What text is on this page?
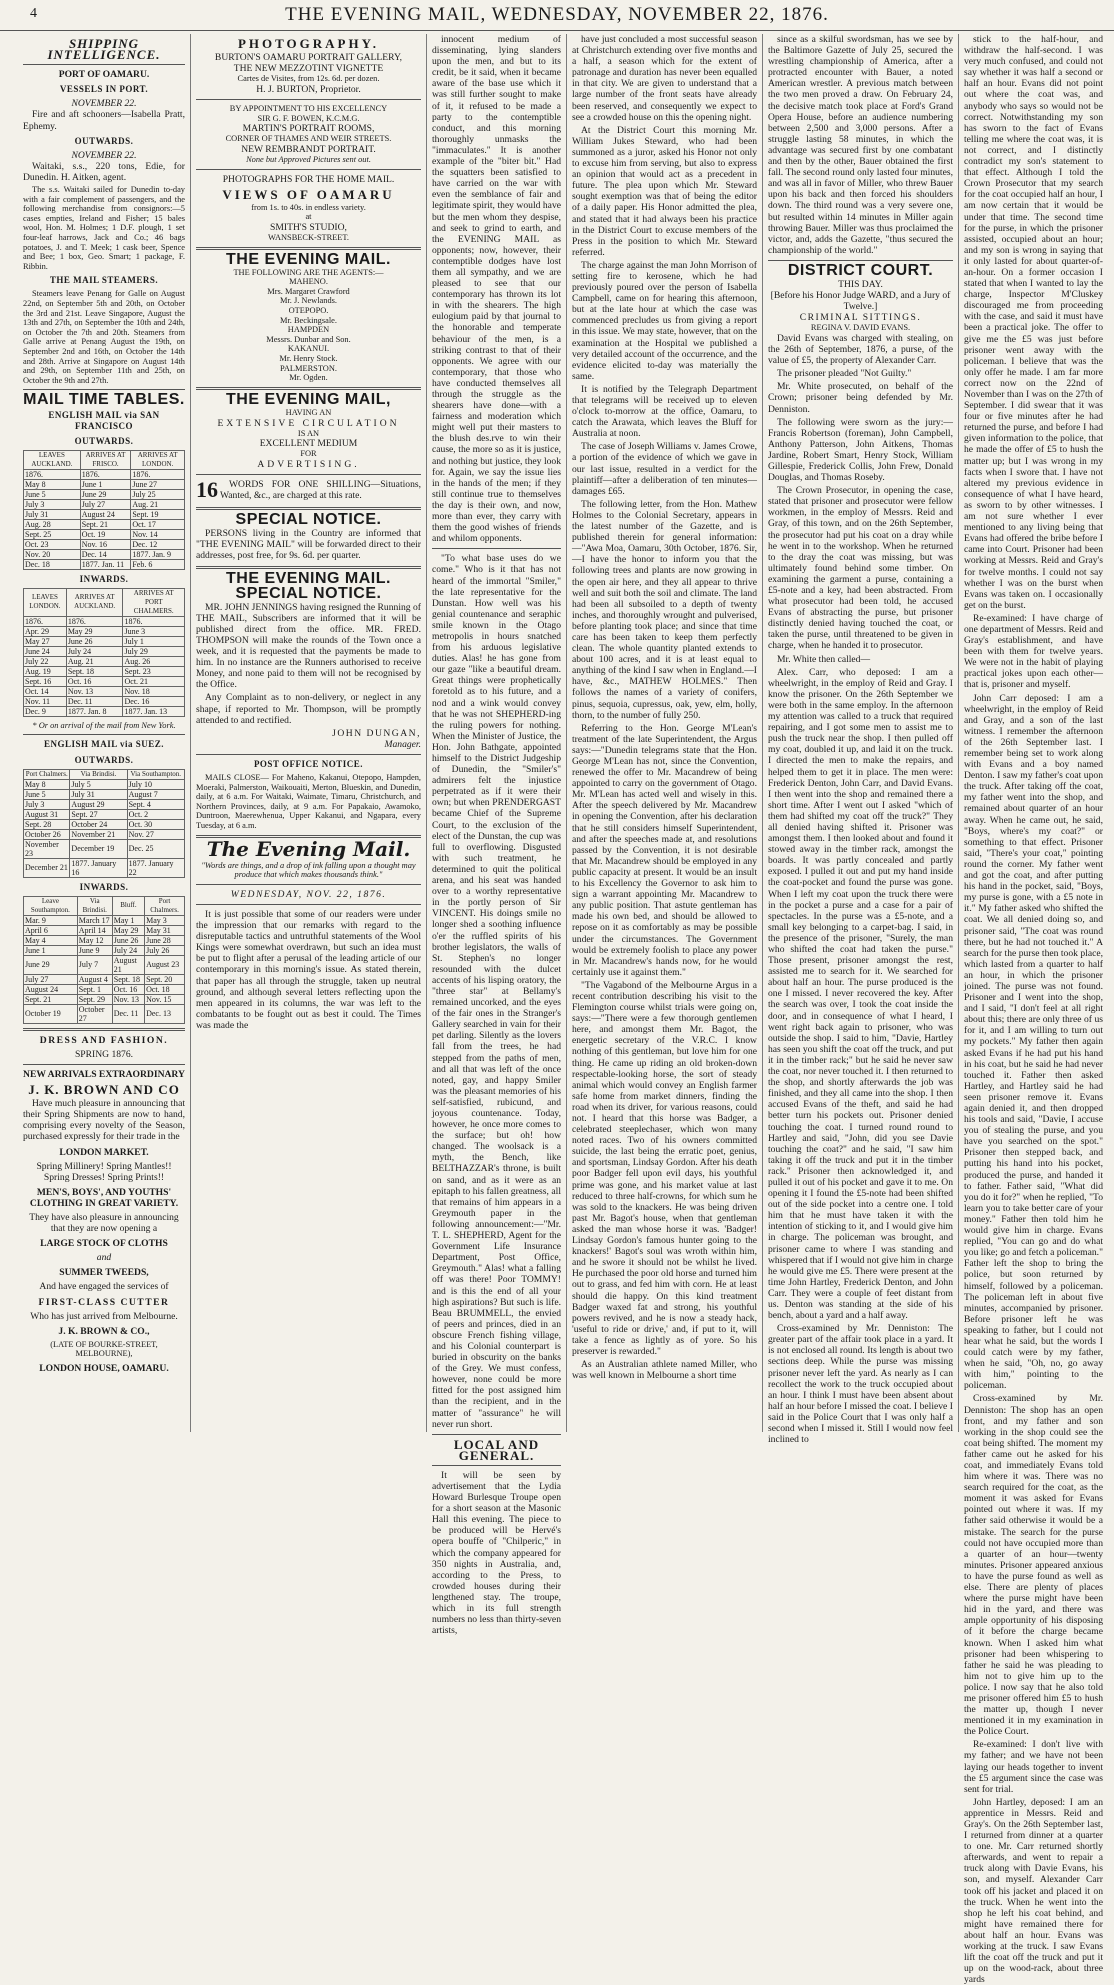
4	THE EVENING MAIL, WEDNESDAY, NOVEMBER 22, 1876.
SHIPPING INTELLIGENCE.
PORT OF OAMARU.
VESSELS IN PORT.
NOVEMBER 22.

Fire and aft schooners—Isabella Pratt, Ephemy.

OUTWARDS.
NOVEMBER 22.

Waitaki, s.s., 220 tons, Edie, for Dunedin. H. Aitken, agent.

The s.s. Waitaki sailed for Dunedin to-day with a fair complement of passengers, and the following merchandise from consignors:—5 cases empties, Ireland and Fisher; 15 bales wool, Hon. M. Holmes; 1 D.F. plough, 1 set four-leaf harrows, Jack and Co.; 46 bags potatoes, J. and T. Meek; 1 cask beer, Spence and Bee; 1 box, Geo. Smart; 1 package, F. Ribbin.

THE MAIL STEAMERS.

Steamers leave Penang for Galle on August 22nd, on September 5th and 20th, on October the 3rd and 21st. Leave Singapore, August the 13th and 27th, on September the 10th and 24th, on October the 7th and 20th. Steamers from Galle arrive at Penang August the 19th, on September 2nd and 16th, on October the 14th and 28th. Arrive at Singapore on August 14th and 29th, on September 11th and 25th, on October the 9th and 27th.

MAIL TIME TABLES.
ENGLISH MAIL via SAN FRANCISCO
OUTWARDS.
LEAVES AUCKLAND.	ARRIVES AT FRISCO.	ARRIVES AT LONDON.
1876.	1876.	1876.
May 8	June 1	June 27
June 5	June 29	July 25
July 3	July 27	Aug. 21
July 31	August 24	Sept. 19
Aug. 28	Sept. 21	Oct. 17
Sept. 25	Oct. 19	Nov. 14
Oct. 23	Nov. 16	Dec. 12
Nov. 20	Dec. 14	1877. Jan. 9
Dec. 18	1877. Jan. 11	Feb. 6
INWARDS.
LEAVES LONDON.	ARRIVES AT AUCKLAND.	ARRIVES AT PORT CHALMERS.
1876.	1876.	1876.
Apr. 29	May 29	June 3
May 27	June 26	July 1
June 24	July 24	July 29
July 22	Aug. 21	Aug. 26
Aug. 19	Sept. 18	Sept. 23
Sept. 16	Oct. 16	Oct. 21
Oct. 14	Nov. 13	Nov. 18
Nov. 11	Dec. 11	Dec. 16
Dec. 9	1877. Jan. 8	1877. Jan. 13
* Or on arrival of the mail from New York.
ENGLISH MAIL via SUEZ.
OUTWARDS.
Port Chalmers.	Via Brindisi.	Via Southampton.
May 8	July 5	July 10
June 5	July 31	August 7
July 3	August 29	Sept. 4
August 31	Sept. 27	Oct. 2
Sept. 28	October 24	Oct. 30
October 26	November 21	Nov. 27
November 23	December 19	Dec. 25
December 21	1877. January 16	1877. January 22
INWARDS.
Leave Southampton.	Via Brindisi.	Bluff.	Port Chalmers.
Mar. 9	March 17	May 1	May 3
April 6	April 14	May 29	May 31
May 4	May 12	June 26	June 28
June 1	June 9	July 24	July 26
June 29	July 7	August 21	August 23
July 27	August 4	Sept. 18	Sept. 20
August 24	Sept. 1	Oct. 16	Oct. 18
Sept. 21	Sept. 29	Nov. 13	Nov. 15
October 19	October 27	Dec. 11	Dec. 13
DRESS AND FASHION.
SPRING 1876.
NEW ARRIVALS EXTRAORDINARY
J. K. BROWN AND CO

Have much pleasure in announcing that their Spring Shipments are now to hand, comprising every novelty of the Season, purchased expressly for their trade in the

LONDON MARKET.
Spring Millinery! Spring Mantles!!
Spring Dresses! Spring Prints!!
MEN'S, BOYS', AND YOUTHS' CLOTHING IN GREAT VARIETY.
They have also pleasure in announcing that they are now opening a
LARGE STOCK OF CLOTHS
and
SUMMER TWEEDS,
And have engaged the services of
FIRST-CLASS CUTTER
Who has just arrived from Melbourne.
J. K. BROWN & CO.,
(LATE OF BOURKE-STREET, MELBOURNE),
LONDON HOUSE, OAMARU.
PHOTOGRAPHY.
BURTON'S OAMARU PORTRAIT GALLERY,
THE NEW MEZZOTINT VIGNETTE
Cartes de Visites, from 12s. 6d. per dozen.
H. J. BURTON, Proprietor.
BY APPOINTMENT TO HIS EXCELLENCY
SIR G. F. BOWEN, K.C.M.G.
MARTIN'S PORTRAIT ROOMS,
CORNER OF THAMES AND WEIR STREETS.
NEW REMBRANDT PORTRAIT.
None but Approved Pictures sent out.
PHOTOGRAPHS FOR THE HOME MAIL.
VIEWS OF OAMARU
from 1s. to 40s. in endless variety.
at
SMITH'S STUDIO,
WANSBECK-STREET.
THE EVENING MAIL.
THE FOLLOWING ARE THE AGENTS:—
MAHENO.
Mrs. Margaret Crawford
Mr. J. Newlands.
OTEPOPO.
Mr. Beckingsale.
HAMPDEN
Messrs. Dunbar and Son.
KAKANUI.
Mr. Henry Stock.
PALMERSTON.
Mr. Ogden.
THE EVENING MAIL,
HAVING AN
EXTENSIVE CIRCULATION
IS AN
EXCELLENT MEDIUM
FOR
ADVERTISING.
16	WORDS FOR ONE SHILLING—Situations, Wanted, &c., are charged at this rate.

SPECIAL NOTICE.

PERSONS living in the Country are informed that "THE EVENING MAIL" will be forwarded direct to their addresses, post free, for 9s. 6d. per quarter.

THE EVENING MAIL.
SPECIAL NOTICE.

MR. JOHN JENNINGS having resigned the Running of THE MAIL, Subscribers are informed that it will be published direct from the office. MR. FRED. THOMPSON will make the rounds of the Town once a week, and it is requested that the payments be made to him. In no instance are the Runners authorised to receive Money, and none paid to them will not be recognised by the Office.

Any Complaint as to non-delivery, or neglect in any shape, if reported to Mr. Thompson, will be promptly attended to and rectified.

JOHN DUNGAN,
Manager.
POST OFFICE NOTICE.

MAILS CLOSE— For Maheno, Kakanui, Otepopo, Hampden, Moeraki, Palmerston, Waikouaiti, Merton, Blueskin, and Dunedin, daily, at 6 a.m. For Waitaki, Waimate, Timaru, Christchurch, and Northern Provinces, daily, at 9 a.m. For Papakaio, Awamoko, Duntroon, Maerewhenua, Upper Kakanui, and Ngapara, every Tuesday, at 6 a.m.

The Evening Mail.

"Words are things, and a drop of ink falling upon a thought may produce that which makes thousands think."

WEDNESDAY, NOV. 22, 1876.

It is just possible that some of our readers were under the impression that our remarks with regard to the disreputable tactics and untruthful statements of the Wool Kings were somewhat overdrawn, but such an idea must be put to flight after a perusal of the leading article of our contemporary in this morning's issue. As stated therein, that paper has all through the struggle, taken up neutral ground, and although several letters reflecting upon the men appeared in its columns, the war was left to the combatants to be fought out as best it could. The Times was made the

innocent medium of disseminating, lying slanders upon the men, and but to its credit, be it said, when it became aware of the base use which it was still further sought to make of it, it refused to be made a party to the contemptible conduct, and this morning thoroughly unmasks the "immaculates." It is another example of the "biter bit." Had the squatters been satisfied to have carried on the war with even the semblance of fair and legitimate spirit, they would have but the men whom they despise, and seek to grind to earth, and the EVENING MAIL as opponents; now, however, their contemptible dodges have lost them all sympathy, and we are pleased to see that our contemporary has thrown its lot in with the shearers. The high eulogium paid by that journal to the honorable and temperate behaviour of the men, is a striking contrast to that of their opponents. We agree with our contemporary, that those who have conducted themselves all through the struggle as the shearers have done—with a fairness and moderation which might well put their masters to the blush des.rve to win their cause, the more so as it is justice, and nothing but justice, they look for. Again, we say the issue lies in the hands of the men; if they still continue true to themselves the day is their own, and now, more than ever, they carry with them the good wishes of friends and whilom opponents.

"To what base uses do we come." Who is it that has not heard of the immortal "Smiler," the late representative for the Dunstan. How well was his genial countenance and seraphic smile known in the Otago metropolis in hours snatched from his arduous legislative duties. Alas! he has gone from our gaze "like a beautiful dream. Great things were prophetically foretold as to his future, and a nod and a wink would convey that he was not SHEPHERD-ing the ruling powers for nothing. When the Minister of Justice, the Hon. John Bathgate, appointed himself to the District Judgeship of Dunedin, the "Smiler's" admirers felt the injustice perpetrated as if it were their own; but when PRENDERGAST became Chief of the Supreme Court, to the exclusion of the elect of the Dunstan, the cup was full to overflowing. Disgusted with such treatment, he determined to quit the political arena, and his seat was handed over to a worthy representative in the portly person of Sir VINCENT. His doings smile no longer shed a soothing influence o'er the ruffled spirits of his brother legislators, the walls of St. Stephen's no longer resounded with the dulcet accents of his lisping oratory, the "three star" at Bellamy's remained uncorked, and the eyes of the fair ones in the Stranger's Gallery searched in vain for their pet darling. Silently as the lovers fall from the trees, he had stepped from the paths of men, and all that was left of the once noted, gay, and happy Smiler was the pleasant memories of his self-satisfied, rubicund, and joyous countenance. Today, however, he once more comes to the surface; but oh! how changed. The woolsack is a myth, the Bench, like BELTHAZZAR's throne, is built on sand, and as it were as an epitaph to his fallen greatness, all that remains of him appears in a Greymouth paper in the following announcement:—"Mr. T. L. SHEPHERD, Agent for the Government Life Insurance Department, Post Office, Greymouth." Alas! what a falling off was there! Poor TOMMY! and is this the end of all your high aspirations? But such is life. Beau BRUMMELL, the envied of peers and princes, died in an obscure French fishing village, and his Colonial counterpart is buried in obscurity on the banks of the Grey. We must confess, however, none could be more fitted for the post assigned him than the recipient, and in the matter of "assurance" he will never run short.

LOCAL AND GENERAL.

It will be seen by advertisement that the Lydia Howard Burlesque Troupe open for a short season at the Masonic Hall this evening. The piece to be produced will be Hervé's opera bouffe of "Chilperic," in which the company appeared for 350 nights in Australia, and, according to the Press, to crowded houses during their lengthened stay. The troupe, which in its full strength numbers no less than thirty-seven artists,

have just concluded a most successful season at Christchurch extending over five months and a half, a season which for the extent of patronage and duration has never been equalled in that city. We are given to understand that a large number of the front seats have already been reserved, and consequently we expect to see a crowded house on this the opening night.

At the District Court this morning Mr. William Jukes Steward, who had been summoned as a juror, asked his Honor not only to excuse him from serving, but also to express an opinion that would act as a precedent in future. The plea upon which Mr. Steward sought exemption was that of being the editor of a daily paper. His Honor admitted the plea, and stated that it had always been his practice in the District Court to excuse members of the Press in the position to which Mr. Steward referred.

The charge against the man John Morrison of setting fire to kerosene, which he had previously poured over the person of Isabella Campbell, came on for hearing this afternoon, but at the late hour at which the case was commenced precludes us from giving a report in this issue. We may state, however, that on the examination at the Hospital we published a very detailed account of the occurrence, and the evidence elicited to-day was materially the same.

It is notified by the Telegraph Department that telegrams will be received up to eleven o'clock to-morrow at the office, Oamaru, to catch the Arawata, which leaves the Bluff for Australia at noon.

The case of Joseph Williams v. James Crowe, a portion of the evidence of which we gave in our last issue, resulted in a verdict for the plaintiff—after a deliberation of ten minutes—damages £65.

The following letter, from the Hon. Mathew Holmes to the Colonial Secretary, appears in the latest number of the Gazette, and is published therein for general information:—"Awa Moa, Oamaru, 30th October, 1876. Sir,—I have the honor to inform you that the following trees and plants are now growing in the open air here, and they all appear to thrive well and suit both the soil and climate. The land had been all subsoiled to a depth of twenty inches, and thoroughly wrought and pulverised, before planting took place; and since that time care has been taken to keep them perfectly clean. The whole quantity planted extends to about 100 acres, and it is at least equal to anything of the kind I saw when in England.—I have, &c., MATHEW HOLMES." Then follows the names of a variety of conifers, pinus, sequoia, cupressus, oak, yew, elm, holly, thorn, to the number of fully 250.

Referring to the Hon. George M'Lean's treatment of the late Superintendent, the Argus says:—"Dunedin telegrams state that the Hon. George M'Lean has not, since the Convention, renewed the offer to Mr. Macandrew of being appointed to carry on the government of Otago. Mr. M'Lean has acted well and wisely in this. After the speech delivered by Mr. Macandrew in opening the Convention, after his declaration that he still considers himself Superintendent, and after the speeches made at, and resolutions passed by the Convention, it is not desirable that Mr. Macandrew should be employed in any public capacity at present. It would be an insult to his Excellency the Governor to ask him to sign a warrant appointing Mr. Macandrew to any public position. That astute gentleman has made his own bed, and should be allowed to repose on it as comfortably as may be possible under the circumstances. The Government would be extremely foolish to place any power in Mr. Macandrew's hands now, for he would certainly use it against them."

"The Vagabond of the Melbourne Argus in a recent contribution describing his visit to the Flemington course whilst trials were going on, says:—"There were a few thorough gentlemen here, and amongst them Mr. Bagot, the energetic secretary of the V.R.C. I know nothing of this gentleman, but love him for one thing. He came up riding an old broken-down respectable-looking horse, the sort of steady animal which would convey an English farmer safe home from market dinners, finding the road when its driver, for various reasons, could not. I heard that this horse was Badger, a celebrated steeplechaser, which won many noted races. Two of his owners committed suicide, the last being the erratic poet, genius, and sportsman, Lindsay Gordon. After his death poor Badger fell upon evil days, his youthful prime was gone, and his market value at last reduced to three half-crowns, for which sum he was sold to the knackers. He was being driven past Mr. Bagot's house, when that gentleman asked the man whose horse it was. 'Badger! Lindsay Gordon's famous hunter going to the knackers!' Bagot's soul was wroth within him, and he swore it should not be whilst he lived. He purchased the poor old horse and turned him out to grass, and fed him with corn. He at least should die happy. On this kind treatment Badger waxed fat and strong, his youthful powers revived, and he is now a steady hack, 'useful to ride or drive,' and, if put to it, will take a fence as lightly as of yore. So his preserver is rewarded."

As an Australian athlete named Miller, who was well known in Melbourne a short time

since as a skilful swordsman, has we see by the Baltimore Gazette of July 25, secured the wrestling championship of America, after a protracted encounter with Bauer, a noted American wrestler. A previous match between the two men proved a draw. On February 24, the decisive match took place at Ford's Grand Opera House, before an audience numbering between 2,500 and 3,000 persons. After a struggle lasting 58 minutes, in which the advantage was secured first by one combatant and then by the other, Bauer obtained the first fall. The second round only lasted four minutes, and was all in favor of Miller, who threw Bauer upon his back and then forced his shoulders down. The third round was a very severe one, but resulted within 14 minutes in Miller again throwing Bauer. Miller was thus proclaimed the victor, and, adds the Gazette, "thus secured the championship of the world."

DISTRICT COURT.
THIS DAY.
[Before his Honor Judge WARD, and a Jury of Twelve.]
CRIMINAL SITTINGS.
REGINA V. DAVID EVANS.

David Evans was charged with stealing, on the 26th of September, 1876, a purse, of the value of £5, the property of Alexander Carr.

The prisoner pleaded "Not Guilty."

Mr. White prosecuted, on behalf of the Crown; prisoner being defended by Mr. Denniston.

The following were sworn as the jury:—Francis Robertson (foreman), John Campbell, Anthony Patterson, John Aitkens, Thomas Jardine, Robert Smart, Henry Stock, William Gillespie, Frederick Collis, John Frew, Donald Douglas, and Thomas Roseby.

The Crown Prosecutor, in opening the case, stated that prisoner and prosecutor were fellow workmen, in the employ of Messrs. Reid and Gray, of this town, and on the 26th September, the prosecutor had put his coat on a dray while he went in to the workshop. When he returned to the dray the coat was missing, but was ultimately found behind some timber. On examining the garment a purse, containing a £5-note and a key, had been abstracted. From what prosecutor had been told, he accused Evans of abstracting the purse, but prisoner distinctly denied having touched the coat, or taken the purse, until threatened to be given in charge, when he handed it to prosecutor.

Mr. White then called—

Alex. Carr, who deposed: I am a wheelwright, in the employ of Reid and Gray. I know the prisoner. On the 26th September we were both in the same employ. In the afternoon my attention was called to a truck that required repairing, and I got some men to assist me to push the truck near the shop. I then pulled off my coat, doubled it up, and laid it on the truck. I directed the men to make the repairs, and helped them to get it in place. The men were: Frederick Denton, John Carr, and David Evans. I then went into the shop and remained there a short time. After I went out I asked "which of them had shifted my coat off the truck?" They all denied having shifted it. Prisoner was amongst them. I then looked about and found it stowed away in the timber rack, amongst the boards. It was partly concealed and partly exposed. I pulled it out and put my hand inside the coat-pocket and found the purse was gone. When I left my coat upon the truck there were in the pocket a purse and a case for a pair of spectacles. In the purse was a £5-note, and a small key belonging to a carpet-bag. I said, in the presence of the prisoner, "Surely, the man who shifted the coat had taken the purse." Those present, prisoner amongst the rest, assisted me to search for it. We searched for about half an hour. The purse produced is the one I missed. I never recovered the key. After the search was over, I took the coat inside the door, and in consequence of what I heard, I went right back again to prisoner, who was outside the shop. I said to him, "Davie, Hartley has seen you shift the coat off the truck, and put it in the timber rack;" but he said he never saw the coat, nor never touched it. I then returned to the shop, and shortly afterwards the job was finished, and they all came into the shop. I then accused Evans of the theft, and said he had better turn his pockets out. Prisoner denied touching the coat. I turned round round to Hartley and said, "John, did you see Davie touching the coat?" and he said, "I saw him taking it off the truck and put it in the timber rack." Prisoner then acknowledged it, and pulled it out of his pocket and gave it to me. On opening it I found the £5-note had been shifted out of the side pocket into a centre one. I told him that he must have taken it with the intention of sticking to it, and I would give him in charge. The policeman was brought, and prisoner came to where I was standing and whispered that if I would not give him in charge he would give me £5. There were present at the time John Hartley, Frederick Denton, and John Carr. They were a couple of feet distant from us. Denton was standing at the side of his bench, about a yard and a half away.

Cross-examined by Mr. Denniston: The greater part of the affair took place in a yard. It is not enclosed all round. Its length is about two sections deep. While the purse was missing prisoner never left the yard. As nearly as I can recollect the work to the truck occupied about an hour. I think I must have been absent about half an hour before I missed the coat. I believe I said in the Police Court that I was only half a second when I missed it. Still I would now feel inclined to

stick to the half-hour, and withdraw the half-second. I was very much confused, and could not say whether it was half a second or half an hour. Evans did not point out where the coat was, and anybody who says so would not be correct. Notwithstanding my son has sworn to the fact of Evans telling me where the coat was, it is not correct, and I distinctly contradict my son's statement to that effect. Although I told the Crown Prosecutor that my search for the coat occupied half an hour, I am now certain that it would be under that time. The second time for the purse, in which the prisoner assisted, occupied about an hour; and my son is wrong in saying that it only lasted for about quarter-of-an-hour. On a former occasion I stated that when I wanted to lay the charge, Inspector M'Cluskey discouraged me from proceeding with the case, and said it must have been a practical joke. The offer to give me the £5 was just before prisoner went away with the policeman. I believe that was the only offer he made. I am far more correct now on the 22nd of November than I was on the 27th of September. I did swear that it was four or five minutes after he had returned the purse, and before I had given information to the police, that he made the offer of £5 to hush the matter up; but I was wrong in my facts when I swore that. I have not altered my previous evidence in consequence of what I have heard, as sworn to by other witnesses. I am not sure whether I ever mentioned to any living being that Evans had offered the bribe before I came into Court. Prisoner had been working at Messrs. Reid and Gray's for twelve months. I could not say whether I was on the burst when Evans was taken on. I occasionally get on the burst.

Re-examined: I have charge of one department of Messrs. Reid and Gray's establishment, and have been with them for twelve years. We were not in the habit of playing practical jokes upon each other—that is, prisoner and myself.

John Carr deposed: I am a wheelwright, in the employ of Reid and Gray, and a son of the last witness. I remember the afternoon of the 26th September last. I remember being set to work along with Evans and a boy named Denton. I saw my father's coat upon the truck. After taking off the coat, my father went into the shop, and remained about quarter of an hour away. When he came out, he said, "Boys, where's my coat?" or something to that effect. Prisoner said, "There's your coat," pointing round the corner. My father went and got the coat, and after putting his hand in the pocket, said, "Boys, my purse is gone, with a £5 note in it." My father asked who shifted the coat. We all denied doing so, and prisoner said, "The coat was round there, but he had not touched it." A search for the purse then took place, which lasted from a quarter to half an hour, in which the prisoner joined. The purse was not found. Prisoner and I went into the shop, and I said, "I don't feel at all right about this; there are only three of us for it, and I am willing to turn out my pockets." My father then again asked Evans if he had put his hand in his coat, but he said he had never touched it. Father then asked Hartley, and Hartley said he had seen prisoner remove it. Evans again denied it, and then dropped his tools and said, "Davie, I accuse you of stealing the purse, and you have you searched on the spot." Prisoner then stepped back, and putting his hand into his pocket, produced the purse, and handed it to father. Father said, "What did you do it for?" when he replied, "To learn you to take better care of your money." Father then told him he would give him in charge. Evans replied, "You can go and do what you like; go and fetch a policeman." Father left the shop to bring the police, but soon returned by himself, followed by a policeman. The policeman left in about five minutes, accompanied by prisoner. Before prisoner left he was speaking to father, but I could not hear what he said, but the words I could catch were by my father, when he said, "Oh, no, go away with him," pointing to the policeman.

Cross-examined by Mr. Denniston: The shop has an open front, and my father and son working in the shop could see the coat being shifted. The moment my father came out he asked for his coat, and immediately Evans told him where it was. There was no search required for the coat, as the moment it was asked for Evans pointed out where it was. If my father said otherwise it would be a mistake. The search for the purse could not have occupied more than a quarter of an hour—twenty minutes. Prisoner appeared anxious to have the purse found as well as else. There are plenty of places where the purse might have been hid in the yard, and there was ample opportunity of his disposing of it before the charge became known. When I asked him what prisoner had been whispering to father he said he was pleading to him not to give him up to the police. I now say that he also told me prisoner offered him £5 to hush the matter up, though I never mentioned it in my examination in the Police Court.

Re-examined: I don't live with my father; and we have not been laying our heads together to invent the £5 argument since the case was sent for trial.

John Hartley, deposed: I am an apprentice in Messrs. Reid and Gray's. On the 26th September last, I returned from dinner at a quarter to one. Mr. Carr returned shortly afterwards, and went to repair a truck along with Davie Evans, his son, and myself. Alexander Carr took off his jacket and placed it on the truck. When he went into the shop he left his coat behind, and might have remained there for about half an hour. Evans was working at the truck. I saw Evans lift the coat off the truck and put it up on the wood-rack, about three yards
